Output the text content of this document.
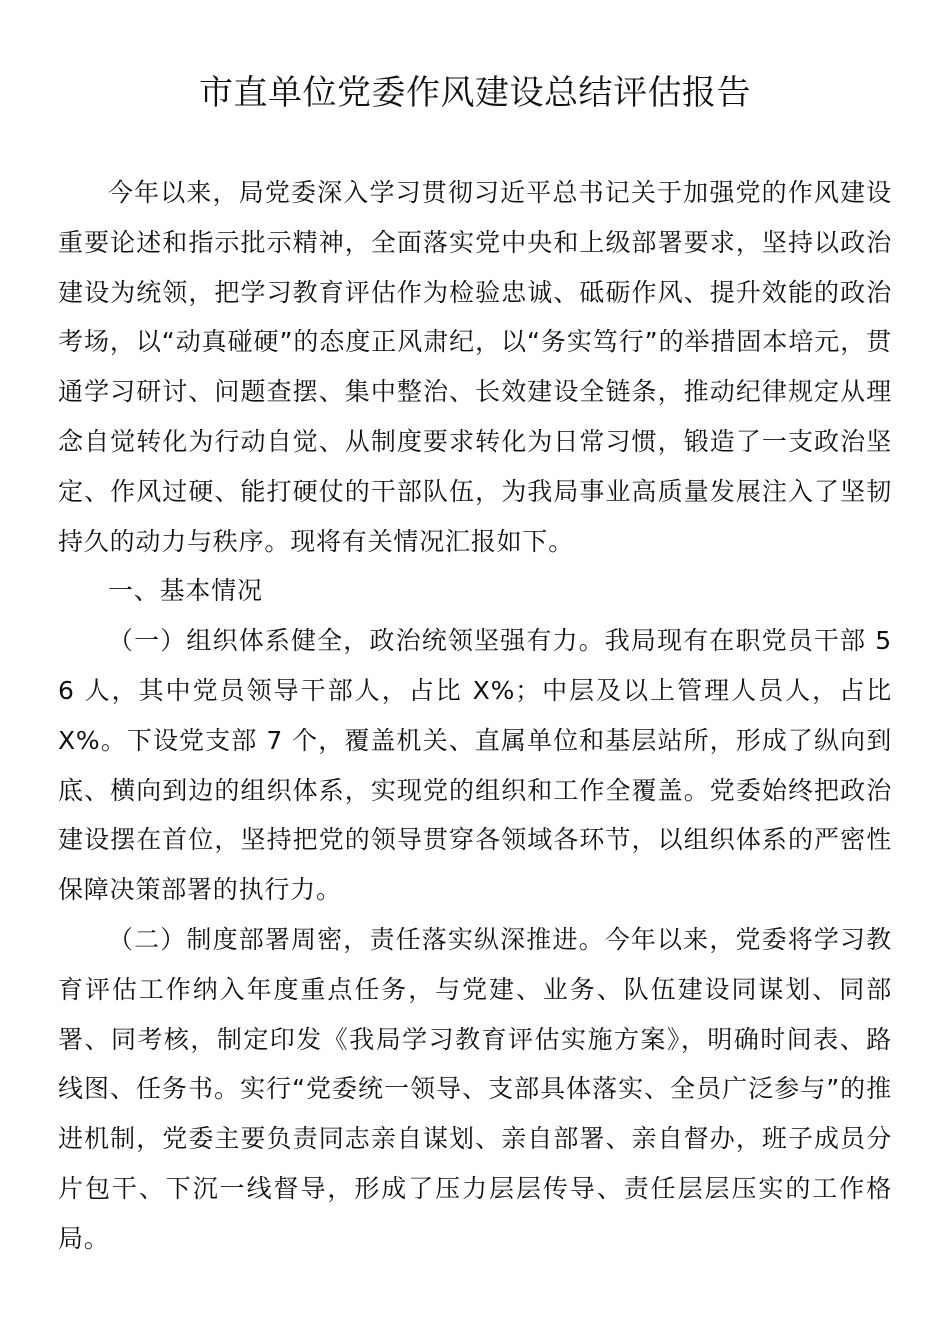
市直单位党委作风建设总结评估报告

今年以来，局党委深入学习贯彻习近平总书记关于加强党的作风建设重要论述和指示批示精神，全面落实党中央和上级部署要求，坚持以政治建设为统领，把学习教育评估作为检验忠诚、砥砺作风、提升效能的政治考场，以“动真碰硬”的态度正风肃纪，以“务实笃行”的举措固本培元，贯通学习研讨、问题查摆、集中整治、长效建设全链条，推动纪律规定从理念自觉转化为行动自觉、从制度要求转化为日常习惯，锻造了一支政治坚定、作风过硬、能打硬仗的干部队伍，为我局事业高质量发展注入了坚韧持久的动力与秩序。现将有关情况汇报如下。

一、基本情况

（一）组织体系健全，政治统领坚强有力。我局现有在职党员干部 56 人，其中党员领导干部人，占比 X%；中层及以上管理人员人，占比 X%。下设党支部 7 个，覆盖机关、直属单位和基层站所，形成了纵向到底、横向到边的组织体系，实现党的组织和工作全覆盖。党委始终把政治建设摆在首位，坚持把党的领导贯穿各领域各环节，以组织体系的严密性保障决策部署的执行力。

（二）制度部署周密，责任落实纵深推进。今年以来，党委将学习教育评估工作纳入年度重点任务，与党建、业务、队伍建设同谋划、同部署、同考核，制定印发《我局学习教育评估实施方案》，明确时间表、路线图、任务书。实行“党委统一领导、支部具体落实、全员广泛参与”的推进机制，党委主要负责同志亲自谋划、亲自部署、亲自督办，班子成员分片包干、下沉一线督导，形成了压力层层传导、责任层层压实的工作格局。
